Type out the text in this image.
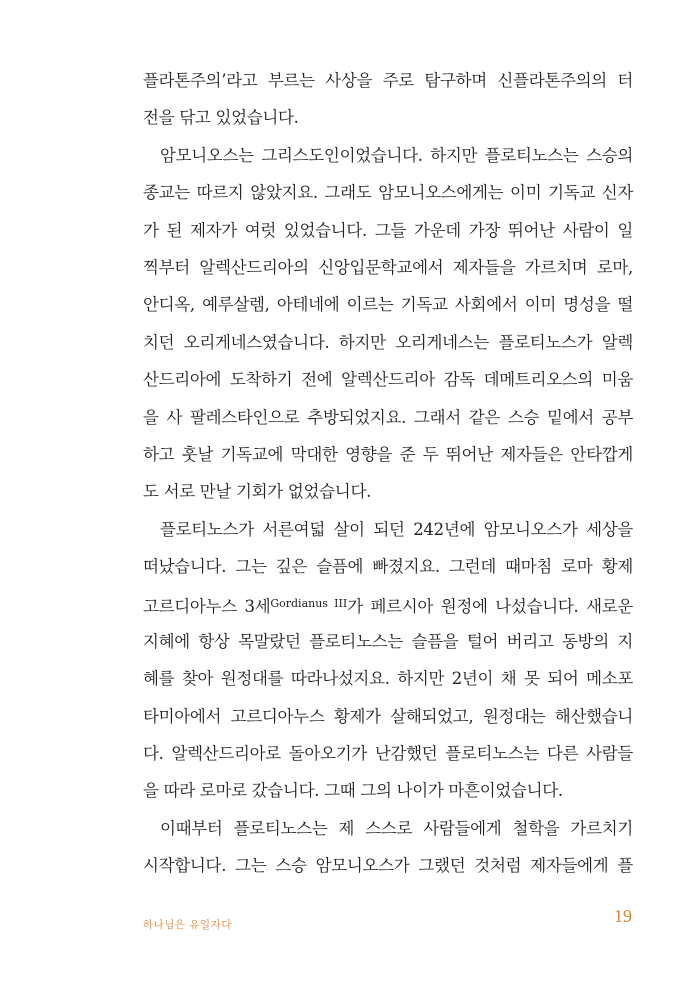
플라톤주의’라고 부르는 사상을 주로 탐구하며 신플라톤주의의 터
전을 닦고 있었습니다.
암모니오스는 그리스도인이었습니다. 하지만 플로티노스는 스승의
종교는 따르지 않았지요. 그래도 암모니오스에게는 이미 기독교 신자
가 된 제자가 여럿 있었습니다. 그들 가운데 가장 뛰어난 사람이 일
찍부터 알렉산드리아의 신앙입문학교에서 제자들을 가르치며 로마,
안디옥, 예루살렘, 아테네에 이르는 기독교 사회에서 이미 명성을 떨
치던 오리게네스였습니다. 하지만 오리게네스는 플로티노스가 알렉
산드리아에 도착하기 전에 알렉산드리아 감독 데메트리오스의 미움
을 사 팔레스타인으로 추방되었지요. 그래서 같은 스승 밑에서 공부
하고 훗날 기독교에 막대한 영향을 준 두 뛰어난 제자들은 안타깝게
도 서로 만날 기회가 없었습니다.
플로티노스가 서른여덟 살이 되던 242년에 암모니오스가 세상을
떠났습니다. 그는 깊은 슬픔에 빠졌지요. 그런데 때마침 로마 황제
고르디아누스 3세$^{Gordianus III}$가 페르시아 원정에 나섰습니다. 새로운
지혜에 항상 목말랐던 플로티노스는 슬픔을 털어 버리고 동방의 지
혜를 찾아 원정대를 따라나섰지요. 하지만 2년이 채 못 되어 메소포
타미아에서 고르디아누스 황제가 살해되었고, 원정대는 해산했습니
다. 알렉산드리아로 돌아오기가 난감했던 플로티노스는 다른 사람들
을 따라 로마로 갔습니다. 그때 그의 나이가 마흔이었습니다.
이때부터 플로티노스는 제 스스로 사람들에게 철학을 가르치기
시작합니다. 그는 스승 암모니오스가 그랬던 것처럼 제자들에게 플
하나님은 유일자다	19
